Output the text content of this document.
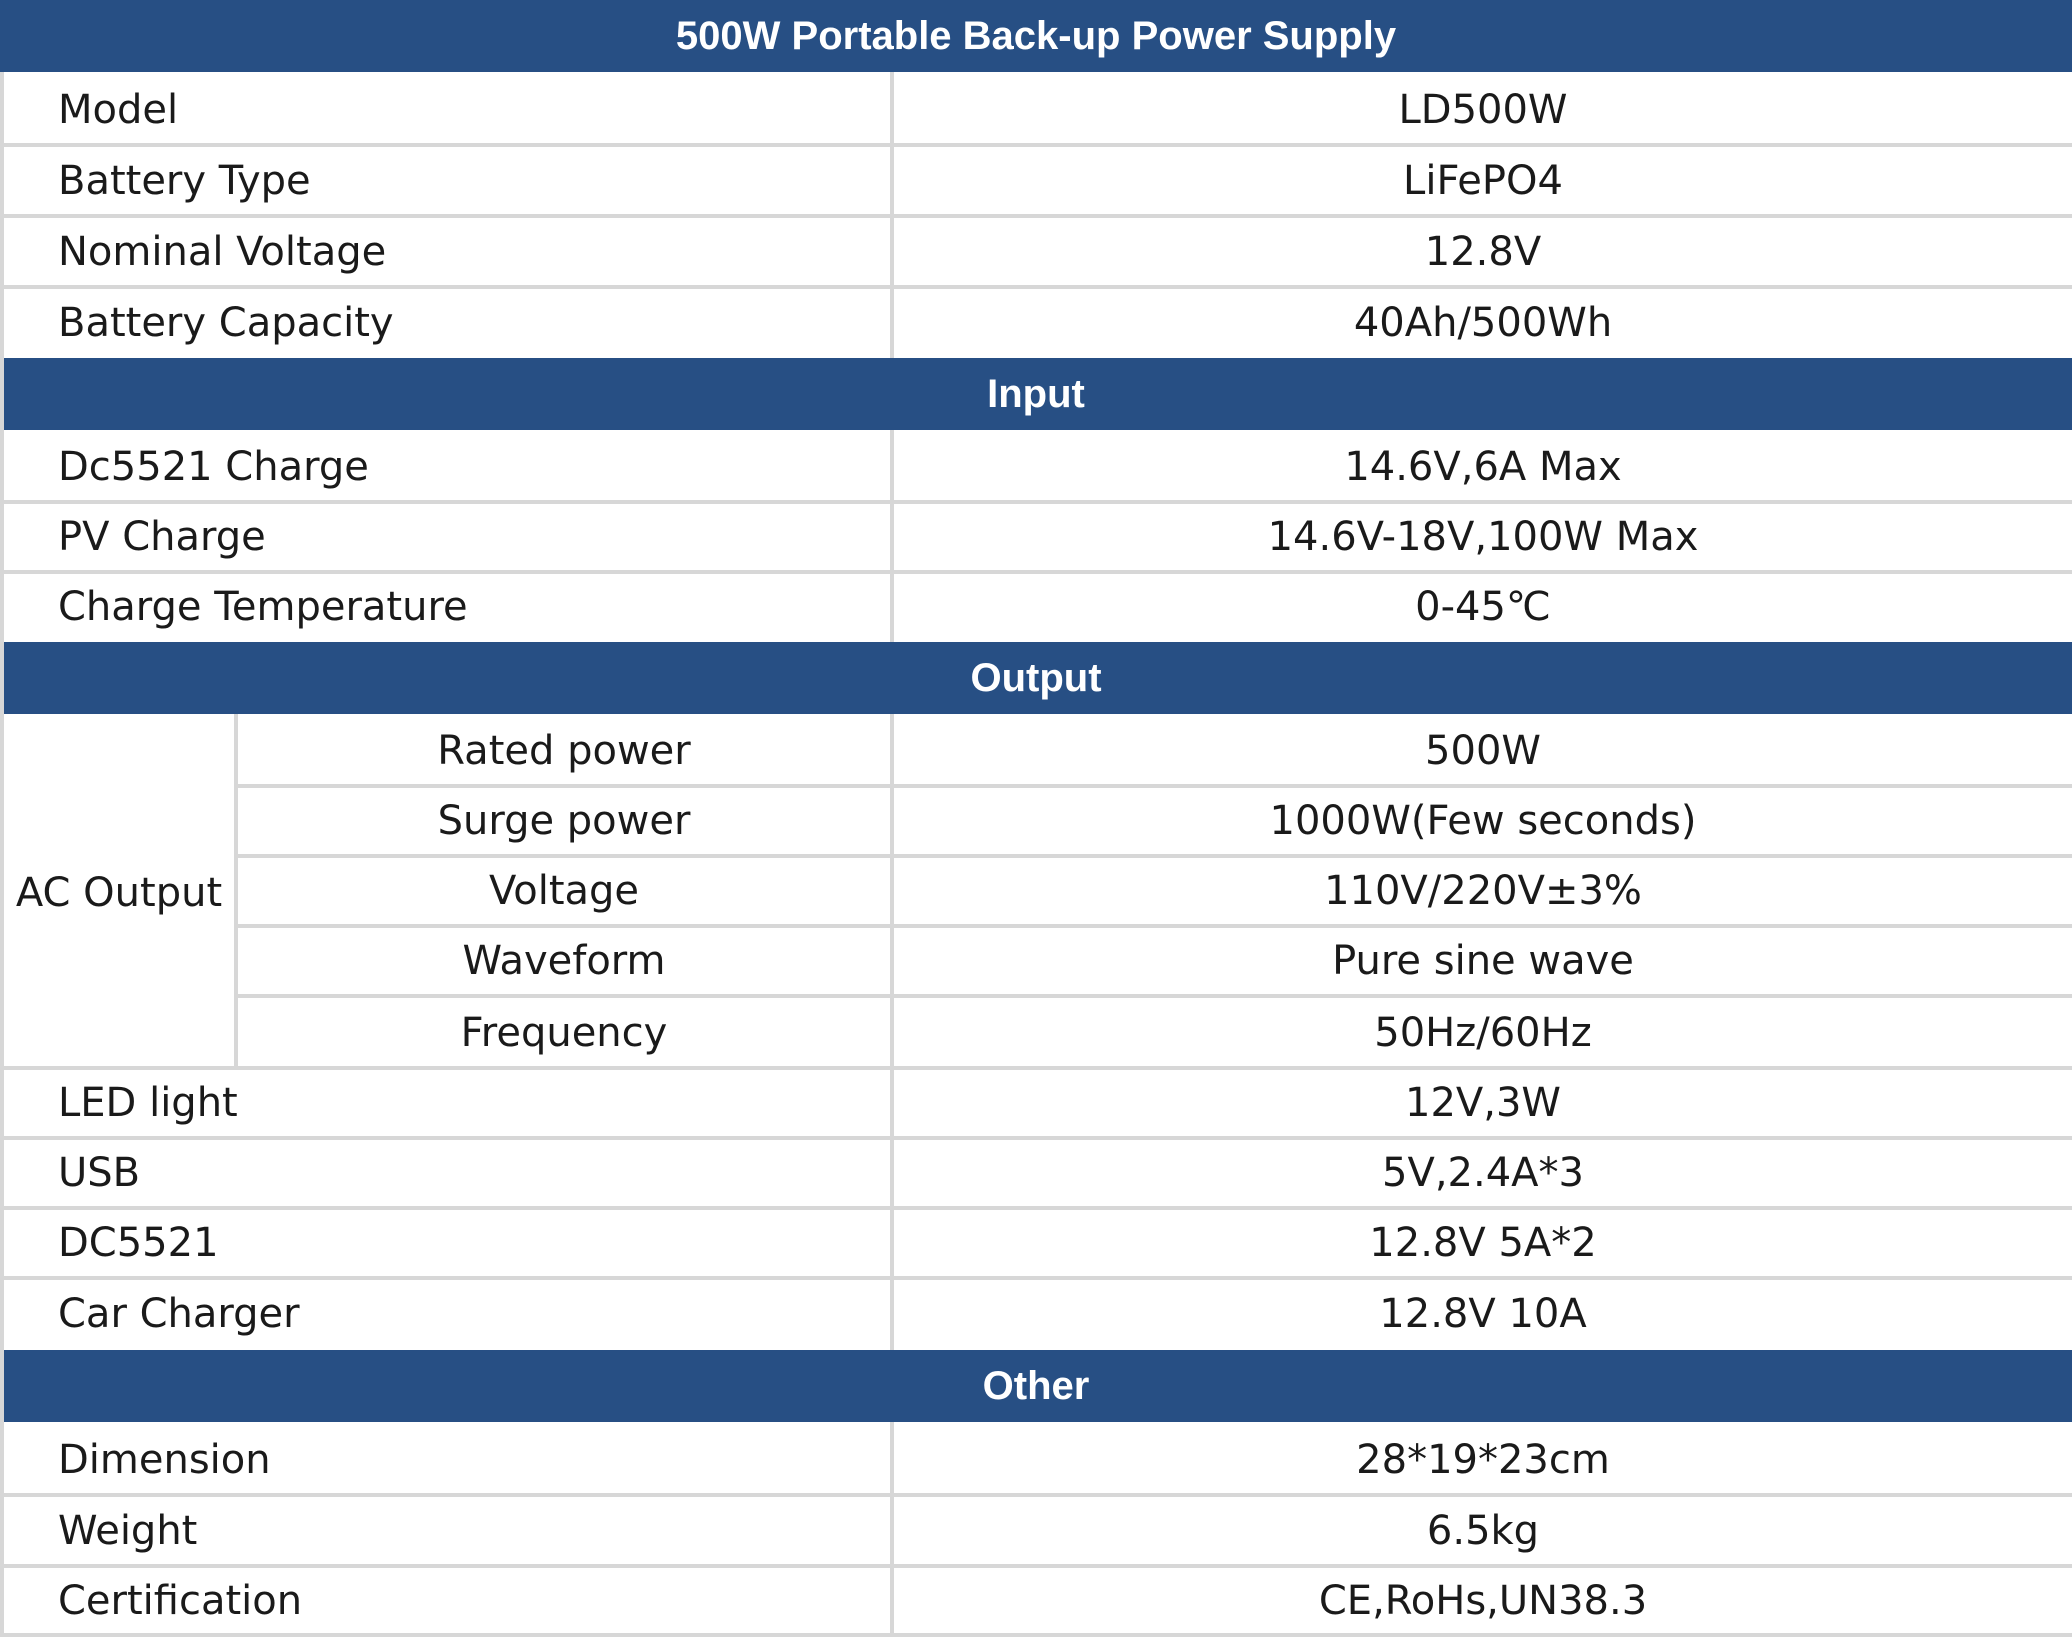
500W Portable Back-up Power Supply
Model	LD500W
Battery Type	LiFePO4
Nominal Voltage	12.8V
Battery Capacity	40Ah/500Wh
Input
Dc5521 Charge	14.6V,6A Max
PV Charge	14.6V-18V,100W Max
Charge Temperature	0-45℃
Output
AC Output
Rated power	500W
Surge power	1000W(Few seconds)
Voltage	110V/220V±3%
Waveform	Pure sine wave
Frequency	50Hz/60Hz
LED light	12V,3W
USB	5V,2.4A*3
DC5521	12.8V 5A*2
Car Charger	12.8V 10A
Other
Dimension	28*19*23cm
Weight	6.5kg
Certification	CE,RoHs,UN38.3
